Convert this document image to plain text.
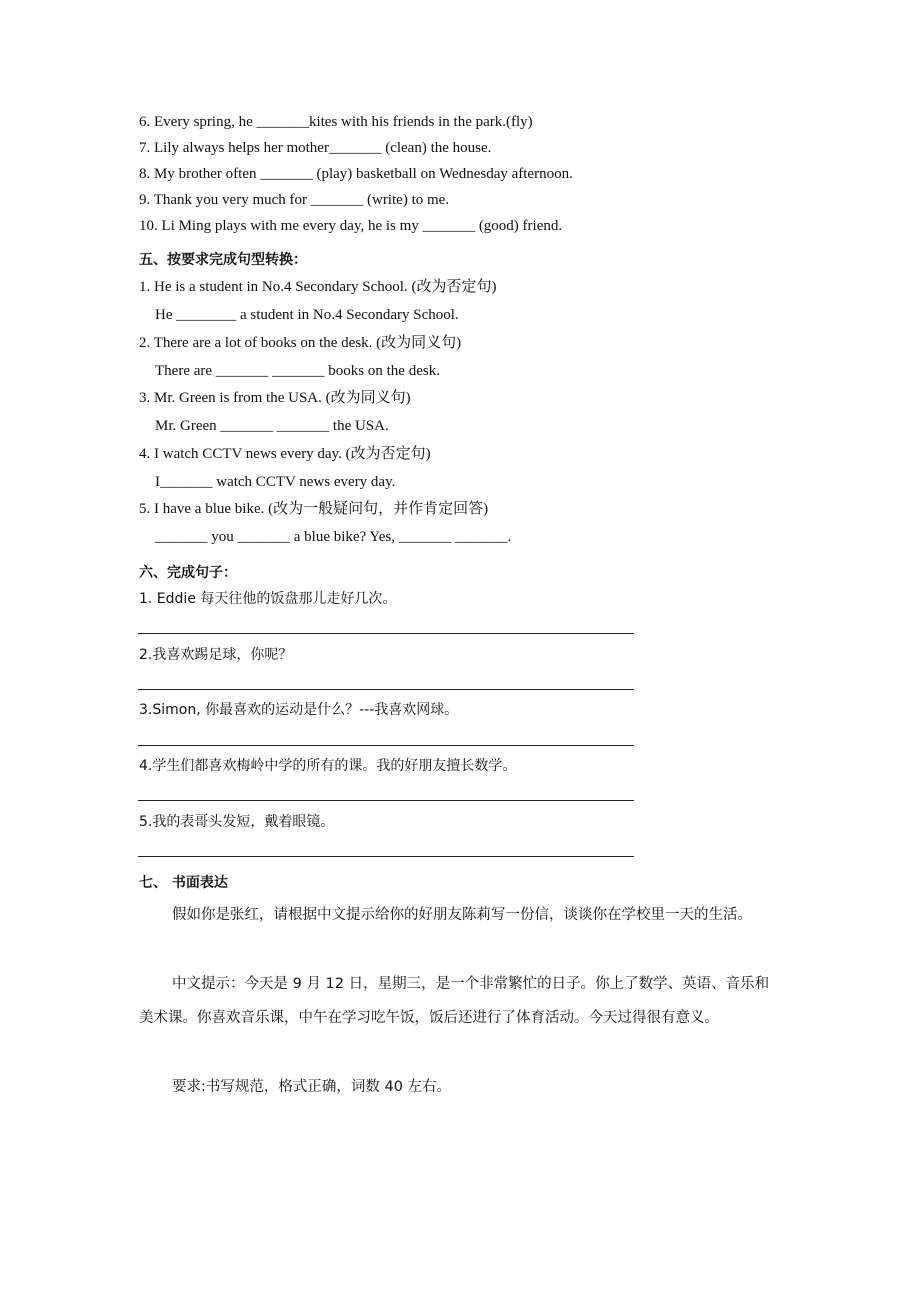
6. Every spring, he _______kites with his friends in the park.(fly)
7. Lily always helps her mother_______ (clean) the house.
8. My brother often _______ (play) basketball on Wednesday afternoon.
9. Thank you very much for _______ (write) to me.
10. Li Ming plays with me every day, he is my _______ (good) friend.
五、按要求完成句型转换：
1. He is a student in No.4 Secondary School. (改为否定句)
He ________ a student in No.4 Secondary School.
2. There are a lot of books on the desk. (改为同义句)
There are _______ _______ books on the desk.
3. Mr. Green is from the USA. (改为同义句)
Mr. Green _______ _______ the USA.
4. I watch CCTV news every day. (改为否定句)
I_______ watch CCTV news every day.
5. I have a blue bike. (改为一般疑问句，并作肯定回答)
_______ you _______ a blue bike? Yes, _______ _______.
六、完成句子：
1. Eddie 每天往他的饭盘那儿走好几次。
2.我喜欢踢足球，你呢？
3.Simon, 你最喜欢的运动是什么？---我喜欢网球。
4.学生们都喜欢梅岭中学的所有的课。我的好朋友擅长数学。
5.我的表哥头发短，戴着眼镜。
七、 书面表达
假如你是张红，请根据中文提示给你的好朋友陈莉写一份信，谈谈你在学校里一天的生活。
中文提示：今天是 9 月 12 日，星期三，是一个非常繁忙的日子。你上了数学、英语、音乐和美术课。你喜欢音乐课，中午在学习吃午饭，饭后还进行了体育活动。今天过得很有意义。
要求:书写规范，格式正确，词数 40 左右。
